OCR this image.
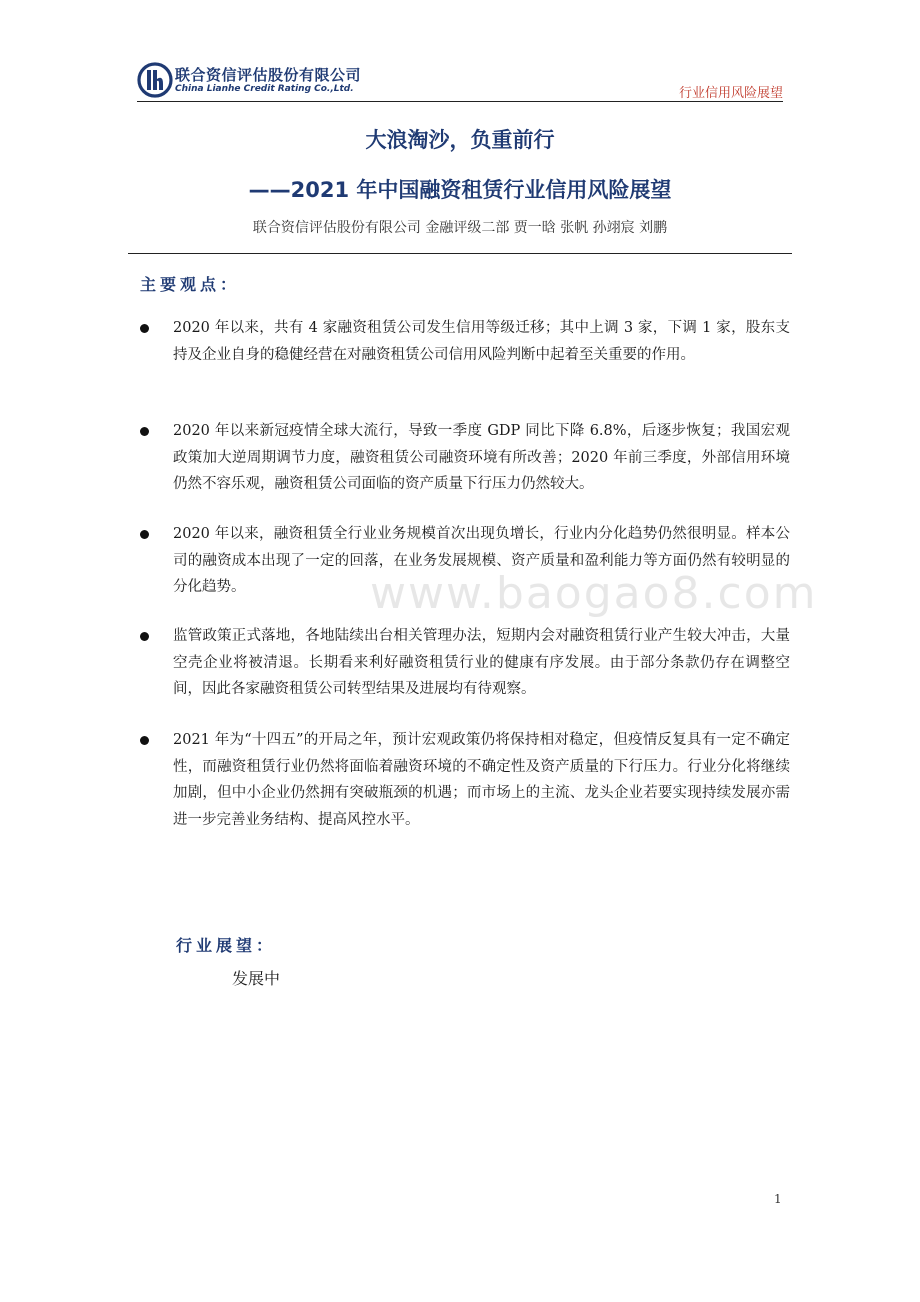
联合资信评估股份有限公司
China Lianhe Credit Rating Co.,Ltd.	行业信用风险展望
大浪淘沙，负重前行
——2021 年中国融资租赁行业信用风险展望
联合资信评估股份有限公司 金融评级二部 贾一晗 张帆 孙翊宸 刘鹏
主要观点：
2020 年以来，共有 4 家融资租赁公司发生信用等级迁移；其中上调 3 家，下调 1 家，股东支持及企业自身的稳健经营在对融资租赁公司信用风险判断中起着至关重要的作用。
2020 年以来新冠疫情全球大流行，导致一季度 GDP 同比下降 6.8%，后逐步恢复；我国宏观政策加大逆周期调节力度，融资租赁公司融资环境有所改善；2020 年前三季度，外部信用环境仍然不容乐观，融资租赁公司面临的资产质量下行压力仍然较大。
2020 年以来，融资租赁全行业业务规模首次出现负增长，行业内分化趋势仍然很明显。样本公司的融资成本出现了一定的回落，在业务发展规模、资产质量和盈利能力等方面仍然有较明显的分化趋势。
监管政策正式落地，各地陆续出台相关管理办法，短期内会对融资租赁行业产生较大冲击，大量空壳企业将被清退。长期看来利好融资租赁行业的健康有序发展。由于部分条款仍存在调整空间，因此各家融资租赁公司转型结果及进展均有待观察。
2021 年为“十四五”的开局之年，预计宏观政策仍将保持相对稳定，但疫情反复具有一定不确定性，而融资租赁行业仍然将面临着融资环境的不确定性及资产质量的下行压力。行业分化将继续加剧，但中小企业仍然拥有突破瓶颈的机遇；而市场上的主流、龙头企业若要实现持续发展亦需进一步完善业务结构、提高风控水平。
www.baogao8.com
行业展望：
发展中
1
